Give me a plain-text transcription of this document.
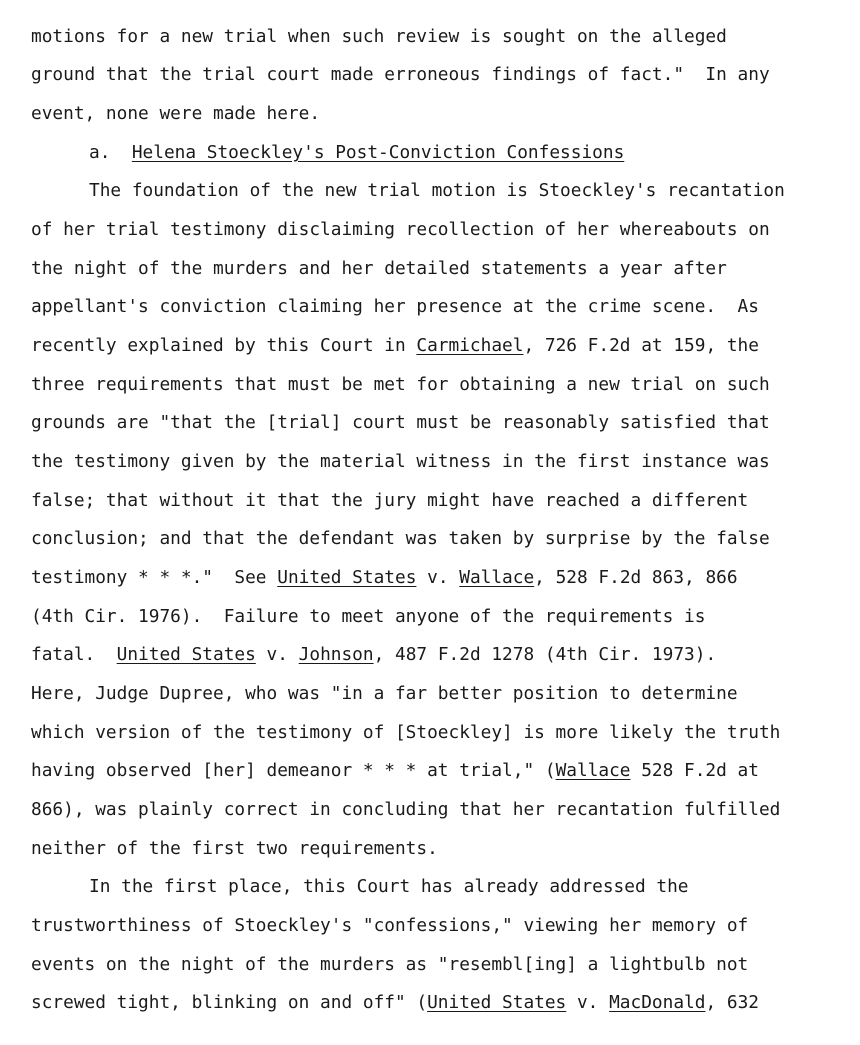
motions for a new trial when such review is sought on the alleged
ground that the trial court made erroneous findings of fact."  In any
event, none were made here.
a.  Helena Stoeckley's Post-Conviction Confessions
The foundation of the new trial motion is Stoeckley's recantation
of her trial testimony disclaiming recollection of her whereabouts on
the night of the murders and her detailed statements a year after
appellant's conviction claiming her presence at the crime scene.  As
recently explained by this Court in Carmichael, 726 F.2d at 159, the
three requirements that must be met for obtaining a new trial on such
grounds are "that the [trial] court must be reasonably satisfied that
the testimony given by the material witness in the first instance was
false; that without it that the jury might have reached a different
conclusion; and that the defendant was taken by surprise by the false
testimony * * *."  See United States v. Wallace, 528 F.2d 863, 866
(4th Cir. 1976).  Failure to meet anyone of the requirements is
fatal.  United States v. Johnson, 487 F.2d 1278 (4th Cir. 1973).
Here, Judge Dupree, who was "in a far better position to determine
which version of the testimony of [Stoeckley] is more likely the truth
having observed [her] demeanor * * * at trial," (Wallace 528 F.2d at
866), was plainly correct in concluding that her recantation fulfilled
neither of the first two requirements.
In the first place, this Court has already addressed the
trustworthiness of Stoeckley's "confessions," viewing her memory of
events on the night of the murders as "resembl[ing] a lightbulb not
screwed tight, blinking on and off" (United States v. MacDonald, 632
